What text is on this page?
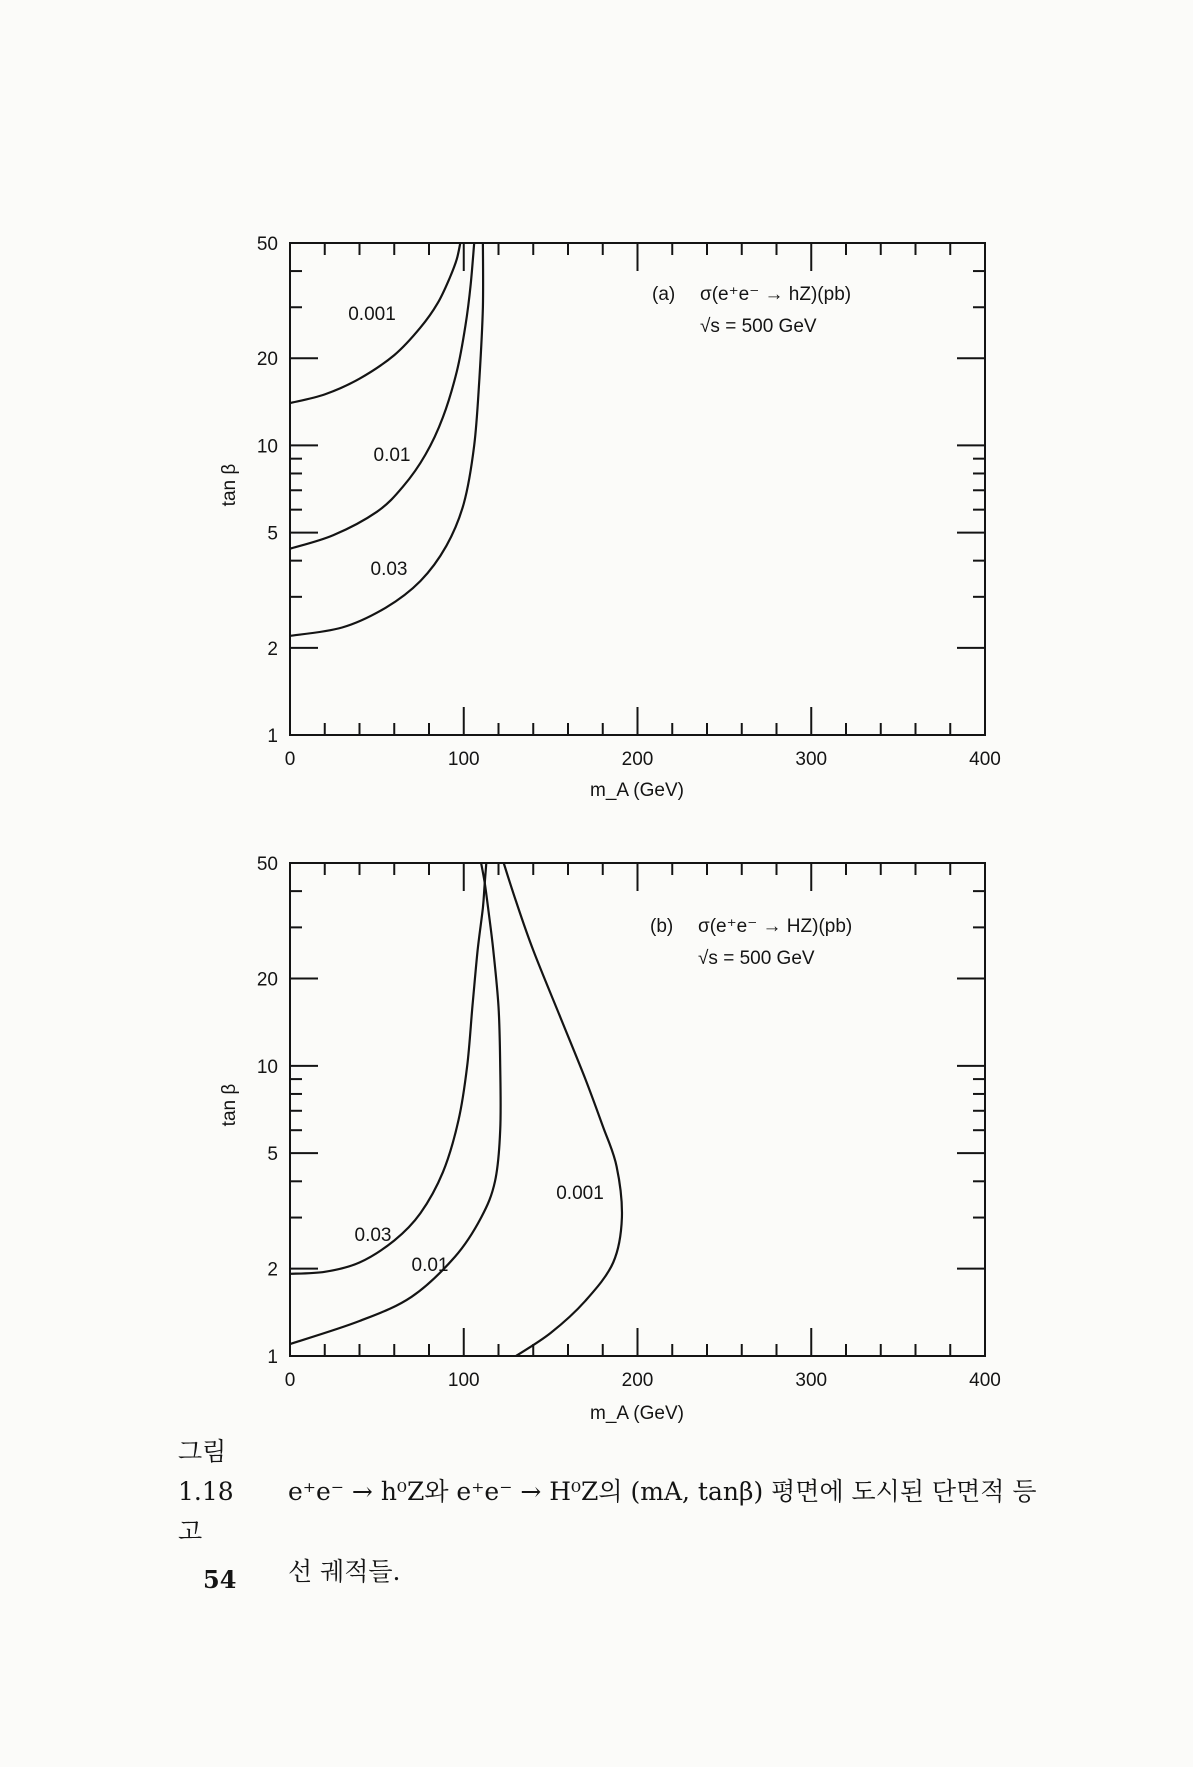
0	100	200	300	400
1
2
5
10
20
50
0.001
0.01
0.03
(a) σ(e⁺e⁻ → hZ)(pb)
√s = 500 GeV
m_A (GeV)
tan β
0	100	200	300	400
1
2
5
10
20
50
0.03
0.01
0.001
(b) σ(e⁺e⁻ → HZ)(pb)
√s = 500 GeV
m_A (GeV)
tan β
그림 1.18 e⁺e⁻ → h⁰Z와 e⁺e⁻ → H⁰Z의 (mA, tanβ) 평면에 도시된 단면적 등고
선 궤적들.
54
